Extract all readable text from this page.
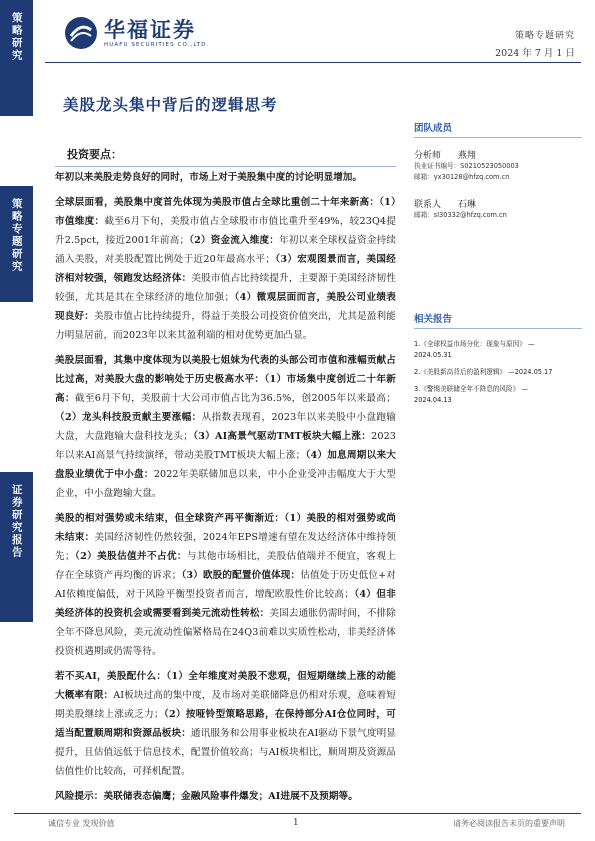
策略研究
策略专题研究
证券研究报告
华福证券
HUAFU SECURITIES CO.,LTD.
策略专题研究
2024 年 7 月 1 日
美股龙头集中背后的逻辑思考
团队成员
分析师 燕翔
执业证书编号：S0210523050003
邮箱：yx30128@hfzq.com.cn
联系人 石琳
邮箱：sl30332@hfzq.com.cn
相关报告
1.《全球权益市场分化：现象与原因》 —
2024.05.31
2.《美股新高背后的盈利逻辑》 —2024.05.17
3.《警惕美联储全年不降息的风险》 —
2024.04.13
投资要点：
年初以来美股走势良好的同时，市场上对于美股集中度的讨论明显增加。

全球层面看，美股集中度首先体现为美股市值占全球比重创二十年来新高：（1）市值维度：截至6月下旬，美股市值占全球股市市值比重升至49%，较23Q4提升2.5pct，接近2001年前高；（2）资金流入维度：年初以来全球权益资金持续涌入美股，对美股配置比例处于近20年最高水平；（3）宏观图景而言，美国经济相对较强，领跑发达经济体：美股市值占比持续提升，主要源于美国经济韧性较强，尤其是其在全球经济的地位加强；（4）微观层面而言，美股公司业绩表现良好：美股市值占比持续提升，得益于美股公司投资价值突出，尤其是盈利能力明显居前，而2023年以来其盈利端的相对优势更加凸显。

美股层面看，其集中度体现为以美股七姐妹为代表的头部公司市值和涨幅贡献占比过高，对美股大盘的影响处于历史极高水平：（1）市场集中度创近二十年新高：截至6月下旬，美股前十大公司市值占比为36.5%，创2005年以来最高；（2）龙头科技股贡献主要涨幅：从指数表现看，2023年以来美股中小盘跑输大盘，大盘跑输大盘科技龙头；（3）AI高景气驱动TMT板块大幅上涨：2023年以来AI高景气持续演绎，带动美股TMT板块大幅上涨；（4）加息周期以来大盘股业绩优于中小盘：2022年美联储加息以来，中小企业受冲击幅度大于大型企业，中小盘跑输大盘。

美股的相对强势或未结束，但全球资产再平衡渐近：（1）美股的相对强势或尚未结束：美国经济韧性仍然较强，2024年EPS增速有望在发达经济体中维持领先；（2）美股估值并不占优：与其他市场相比，美股估值端并不便宜，客观上存在全球资产再均衡的诉求；（3）欧股的配置价值体现：估值处于历史低位+对AI依赖度偏低，对于风险平衡型投资者而言，增配欧股性价比较高；（4）但非美经济体的投资机会或需要看到美元流动性转松：美国去通胀仍需时间，不排除全年不降息风险，美元流动性偏紧格局在24Q3前难以实质性松动，非美经济体投资机遇期或仍需等待。

若不买AI，美股配什么：（1）全年维度对美股不悲观，但短期继续上涨的动能大概率有限：AI板块过高的集中度，及市场对美联储降息仍相对乐观，意味着短期美股继续上涨或乏力；（2）按哑铃型策略思路，在保持部分AI仓位同时，可适当配置顺周期和资源品板块：通讯服务和公用事业板块在AI驱动下景气度明显提升，且估值远低于信息技术，配置价值较高；与AI板块相比，顺周期及资源品估值性价比较高，可择机配置。

风险提示：美联储表态偏鹰；金融风险事件爆发；AI进展不及预期等。

诚信专业 发现价值	1	请务必阅读报告末页的重要声明
